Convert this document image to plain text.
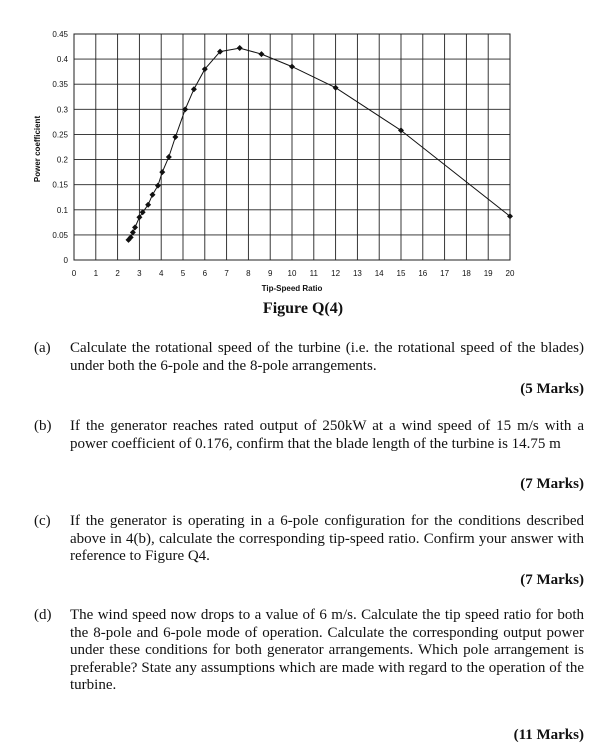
0
0.05
0.1
0.15
0.2
0.25
0.3
0.35
0.4
0.45
0 1 2 3 4 5 6 7 8 9 10 11 12 13 14 15 16 17 18 19 20
Power coefficient
Tip-Speed Ratio
Figure Q(4)
(a) Calculate the rotational speed of the turbine (i.e. the rotational speed of the blades) under both the 6-pole and the 8-pole arrangements.
(5 Marks)
(b) If the generator reaches rated output of 250kW at a wind speed of 15 m/s with a power coefficient of 0.176, confirm that the blade length of the turbine is 14.75 m
(7 Marks)
(c) If the generator is operating in a 6-pole configuration for the conditions described above in 4(b), calculate the corresponding tip-speed ratio. Confirm your answer with reference to Figure Q4.
(7 Marks)
(d) The wind speed now drops to a value of 6 m/s. Calculate the tip speed ratio for both the 8-pole and 6-pole mode of operation. Calculate the corresponding output power under these conditions for both generator arrangements. Which pole arrangement is preferable? State any assumptions which are made with regard to the operation of the turbine.
(11 Marks)
